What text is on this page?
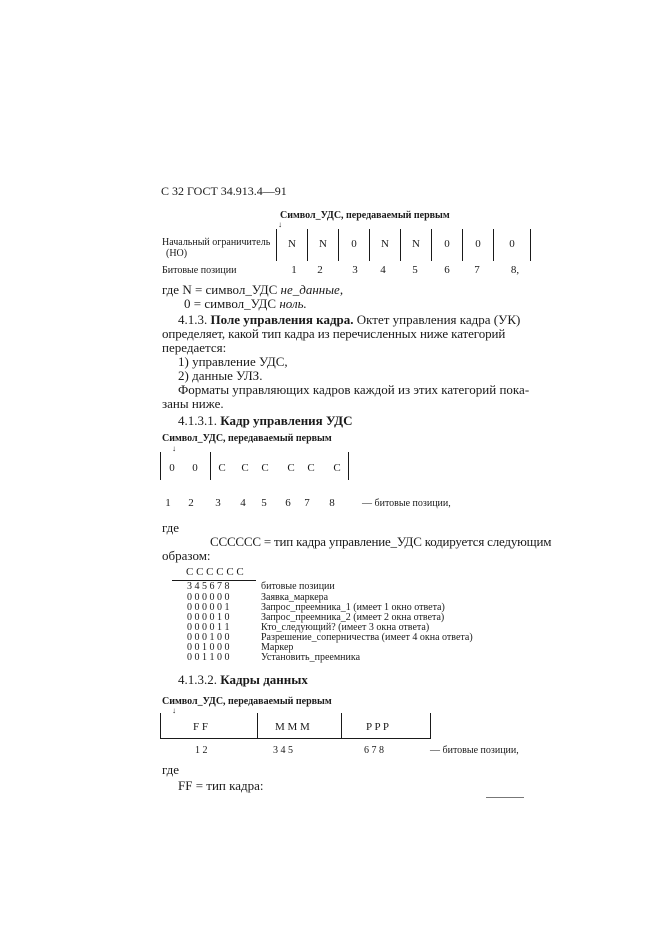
С 32 ГОСТ 34.913.4—91
Символ_УДС, передаваемый первым
↓
Начальный ограничитель
(НО)
N	N	0	N	N	0	0	0
Битовые позиции	1	2	3	4	5	6	7	8,
где N = символ_УДС не_данные,
0 = символ_УДС ноль.
4.1.3. Поле управления кадра. Октет управления кадра (УК)
определяет, какой тип кадра из перечисленных ниже категорий
передается:
1) управление УДС,
2) данные УЛЗ.
Форматы управляющих кадров каждой из этих категорий пока-
заны ниже.
4.1.3.1. Кадр управления УДС
Символ_УДС, передаваемый первым
↓
0	0	С	С	С	С	С	С
1	2	3	4	5	6	7	8	— битовые позиции,
где
СССССС = тип кадра управление_УДС кодируется следующим
образом:
С С С С С С
3 4 5 6 7 8	битовые позиции
0 0 0 0 0 0	Заявка_маркера
0 0 0 0 0 1	Запрос_преемника_1 (имеет 1 окно ответа)
0 0 0 0 1 0	Запрос_преемника_2 (имеет 2 окна ответа)
0 0 0 0 1 1	Кто_следующий? (имеет 3 окна ответа)
0 0 0 1 0 0	Разрешение_соперничества (имеет 4 окна ответа)
0 0 1 0 0 0	Маркер
0 0 1 1 0 0	Установить_преемника
4.1.3.2. Кадры данных
Символ_УДС, передаваемый первым
↓
F F	M M M	P P P
1 2	3 4 5	6 7 8	— битовые позиции,
где
FF = тип кадра:
